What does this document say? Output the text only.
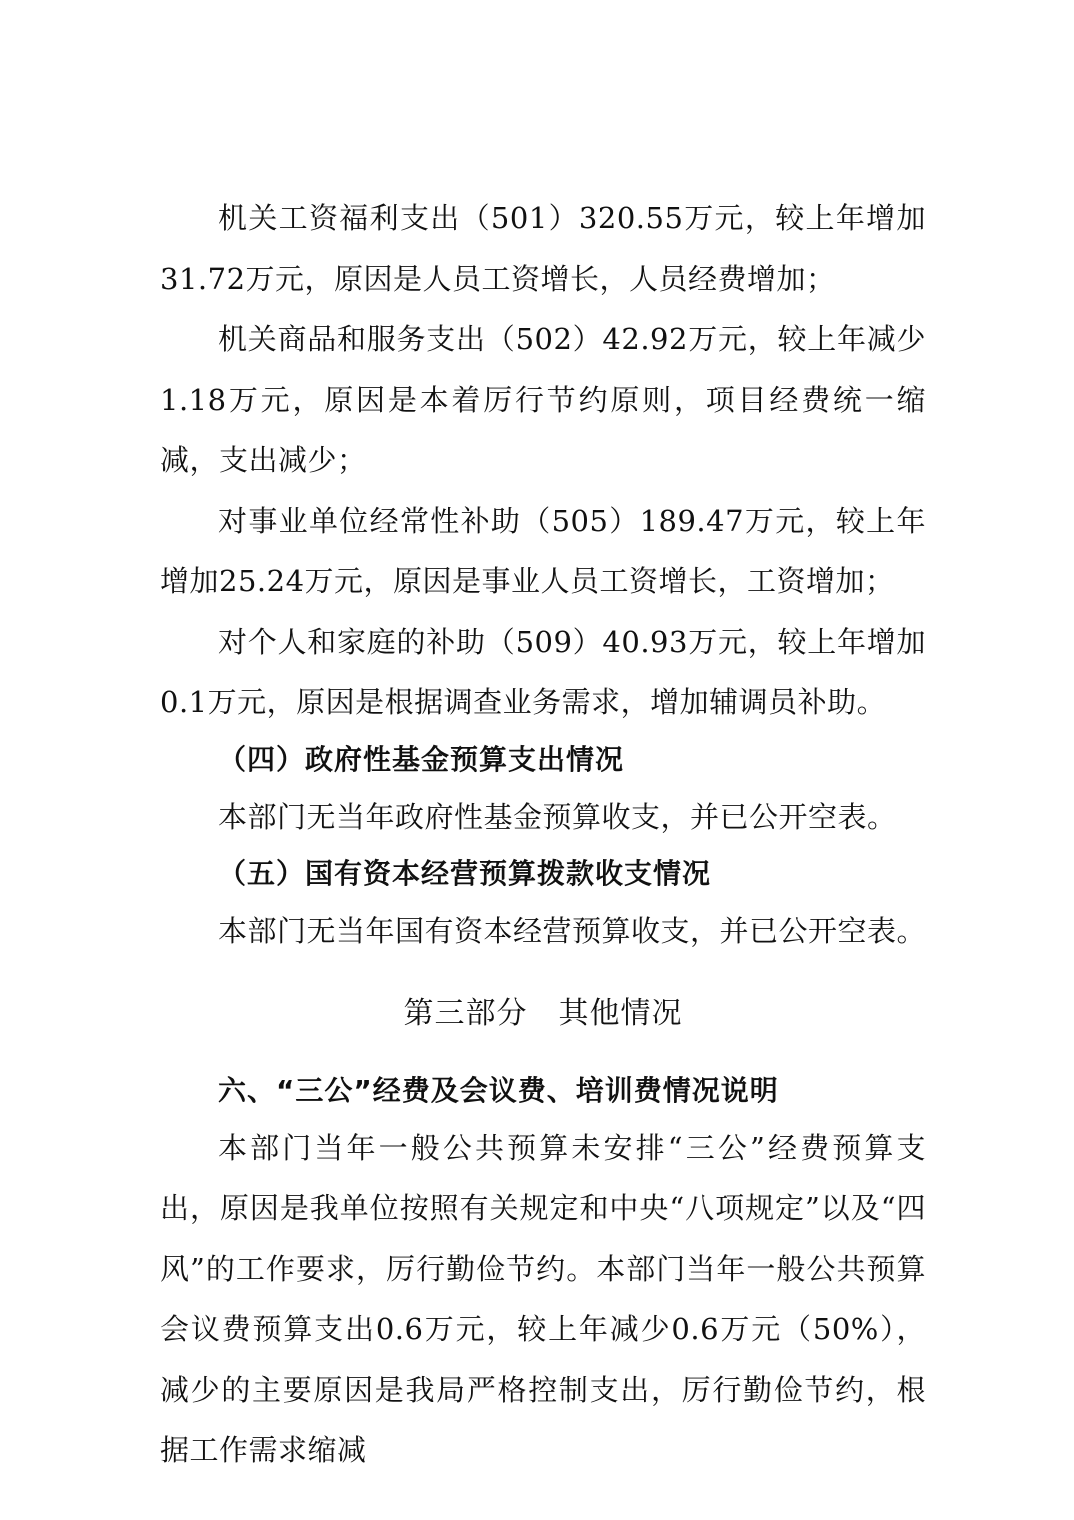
机关工资福利支出（501）320.55万元，较上年增加31.72万元，原因是人员工资增长，人员经费增加；

机关商品和服务支出（502）42.92万元，较上年减少1.18万元，原因是本着厉行节约原则，项目经费统一缩减，支出减少；

对事业单位经常性补助（505）189.47万元，较上年增加25.24万元，原因是事业人员工资增长，工资增加；

对个人和家庭的补助（509）40.93万元，较上年增加0.1万元，原因是根据调查业务需求，增加辅调员补助。

（四）政府性基金预算支出情况

本部门无当年政府性基金预算收支，并已公开空表。

（五）国有资本经营预算拨款收支情况

本部门无当年国有资本经营预算收支，并已公开空表。

第三部分　其他情况

六、“三公”经费及会议费、培训费情况说明

本部门当年一般公共预算未安排“三公”经费预算支出，原因是我单位按照有关规定和中央“八项规定”以及“四风”的工作要求，厉行勤俭节约。本部门当年一般公共预算会议费预算支出0.6万元，较上年减少0.6万元（50%），减少的主要原因是我局严格控制支出，厉行勤俭节约，根据工作需求缩减
